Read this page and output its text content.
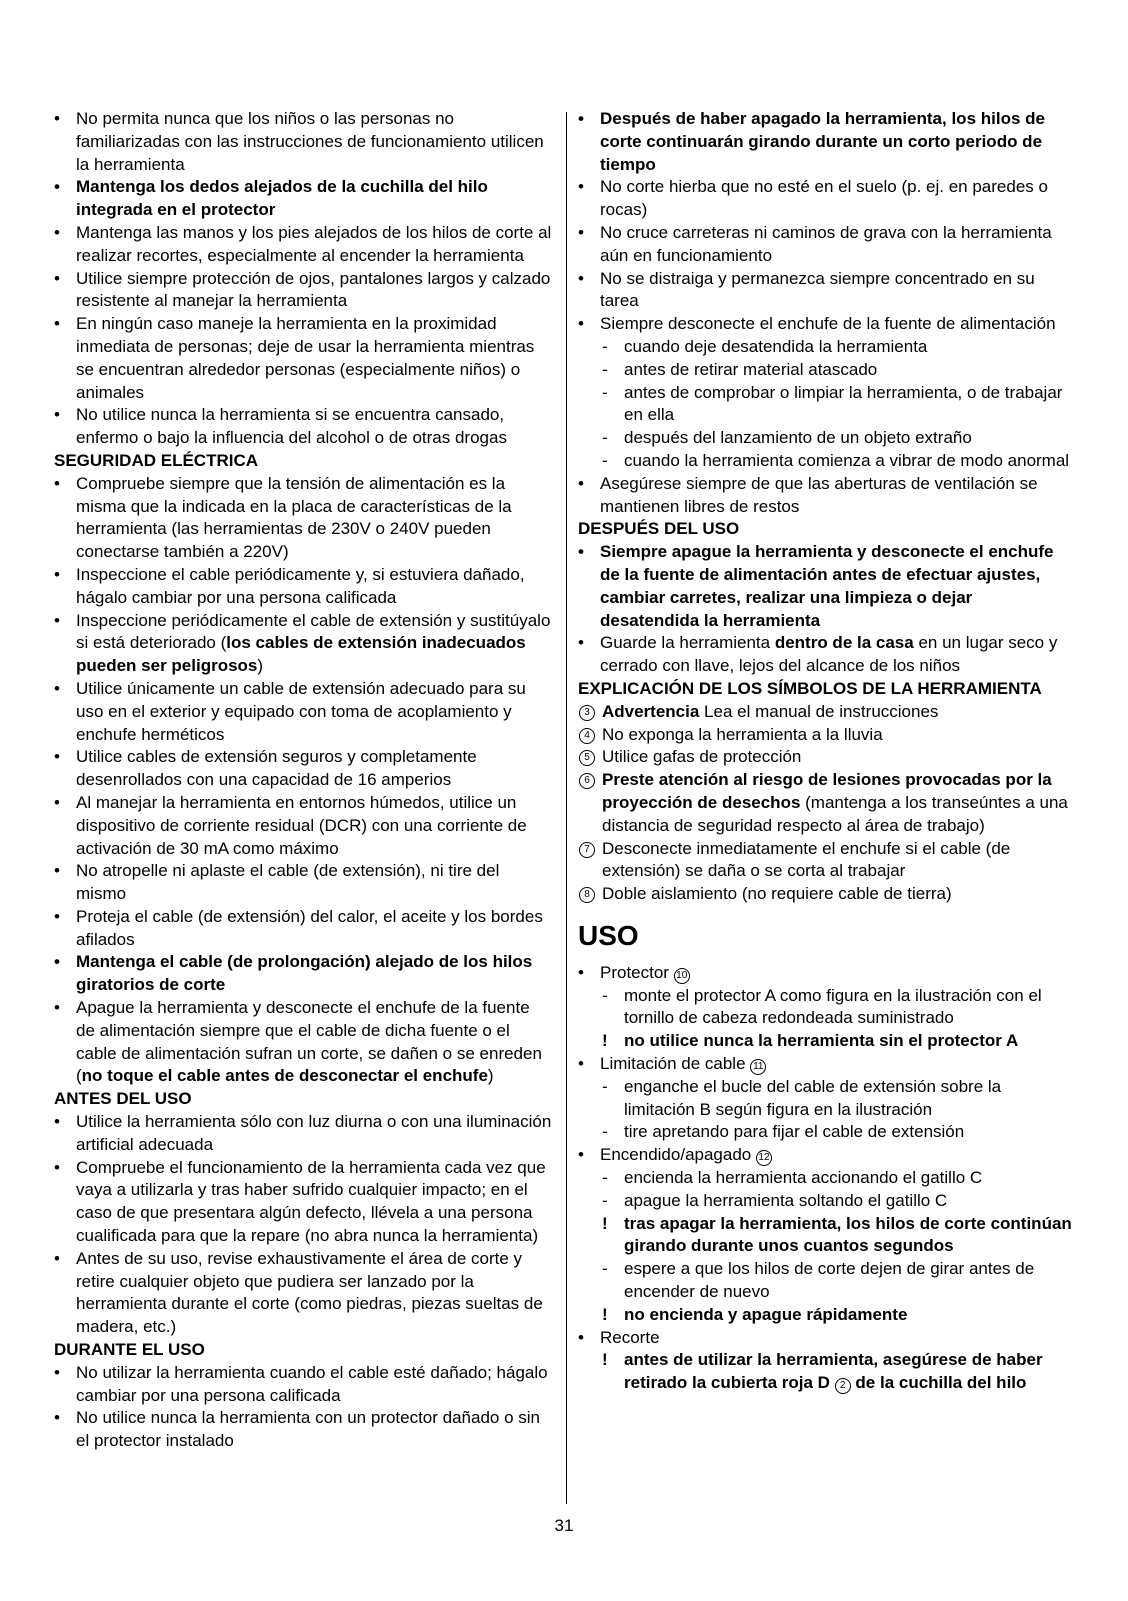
• No permita nunca que los niños o las personas no familiarizadas con las instrucciones de funcionamiento utilicen la herramienta
• Mantenga los dedos alejados de la cuchilla del hilo integrada en el protector
• Mantenga las manos y los pies alejados de los hilos de corte al realizar recortes, especialmente al encender la herramienta
• Utilice siempre protección de ojos, pantalones largos y calzado resistente al manejar la herramienta
• En ningún caso maneje la herramienta en la proximidad inmediata de personas; deje de usar la herramienta mientras se encuentran alrededor personas (especialmente niños) o animales
• No utilice nunca la herramienta si se encuentra cansado, enfermo o bajo la influencia del alcohol o de otras drogas
SEGURIDAD ELÉCTRICA
• Compruebe siempre que la tensión de alimentación es la misma que la indicada en la placa de características de la herramienta (las herramientas de 230V o 240V pueden conectarse también a 220V)
• Inspeccione el cable periódicamente y, si estuviera dañado, hágalo cambiar por una persona calificada
• Inspeccione periódicamente el cable de extensión y sustitúyalo si está deteriorado (los cables de extensión inadecuados pueden ser peligrosos)
• Utilice únicamente un cable de extensión adecuado para su uso en el exterior y equipado con toma de acoplamiento y enchufe herméticos
• Utilice cables de extensión seguros y completamente desenrollados con una capacidad de 16 amperios
• Al manejar la herramienta en entornos húmedos, utilice un dispositivo de corriente residual (DCR) con una corriente de activación de 30 mA como máximo
• No atropelle ni aplaste el cable (de extensión), ni tire del mismo
• Proteja el cable (de extensión) del calor, el aceite y los bordes afilados
• Mantenga el cable (de prolongación) alejado de los hilos giratorios de corte
• Apague la herramienta y desconecte el enchufe de la fuente de alimentación siempre que el cable de dicha fuente o el cable de alimentación sufran un corte, se dañen o se enreden (no toque el cable antes de desconectar el enchufe)
ANTES DEL USO
• Utilice la herramienta sólo con luz diurna o con una iluminación artificial adecuada
• Compruebe el funcionamiento de la herramienta cada vez que vaya a utilizarla y tras haber sufrido cualquier impacto; en el caso de que presentara algún defecto, llévela a una persona cualificada para que la repare (no abra nunca la herramienta)
• Antes de su uso, revise exhaustivamente el área de corte y retire cualquier objeto que pudiera ser lanzado por la herramienta durante el corte (como piedras, piezas sueltas de madera, etc.)
DURANTE EL USO
• No utilizar la herramienta cuando el cable esté dañado; hágalo cambiar por una persona calificada
• No utilice nunca la herramienta con un protector dañado o sin el protector instalado
• Después de haber apagado la herramienta, los hilos de corte continuarán girando durante un corto periodo de tiempo
• No corte hierba que no esté en el suelo (p. ej. en paredes o rocas)
• No cruce carreteras ni caminos de grava con la herramienta aún en funcionamiento
• No se distraiga y permanezca siempre concentrado en su tarea
• Siempre desconecte el enchufe de la fuente de alimentación
- cuando deje desatendida la herramienta
- antes de retirar material atascado
- antes de comprobar o limpiar la herramienta, o de trabajar en ella
- después del lanzamiento de un objeto extraño
- cuando la herramienta comienza a vibrar de modo anormal
• Asegúrese siempre de que las aberturas de ventilación se mantienen libres de restos
DESPUÉS DEL USO
• Siempre apague la herramienta y desconecte el enchufe de la fuente de alimentación antes de efectuar ajustes, cambiar carretes, realizar una limpieza o dejar desatendida la herramienta
• Guarde la herramienta dentro de la casa en un lugar seco y cerrado con llave, lejos del alcance de los niños
EXPLICACIÓN DE LOS SÍMBOLOS DE LA HERRAMIENTA
3 Advertencia Lea el manual de instrucciones
4 No exponga la herramienta a la lluvia
5 Utilice gafas de protección
6 Preste atención al riesgo de lesiones provocadas por la proyección de desechos (mantenga a los transeúntes a una distancia de seguridad respecto al área de trabajo)
7 Desconecte inmediatamente el enchufe si el cable (de extensión) se daña o se corta al trabajar
8 Doble aislamiento (no requiere cable de tierra)
USO
• Protector 10
- monte el protector A como figura en la ilustración con el tornillo de cabeza redondeada suministrado
! no utilice nunca la herramienta sin el protector A
• Limitación de cable 11
- enganche el bucle del cable de extensión sobre la limitación B según figura en la ilustración
- tire apretando para fijar el cable de extensión
• Encendido/apagado 12
- encienda la herramienta accionando el gatillo C
- apague la herramienta soltando el gatillo C
! tras apagar la herramienta, los hilos de corte continúan girando durante unos cuantos segundos
- espere a que los hilos de corte dejen de girar antes de encender de nuevo
! no encienda y apague rápidamente
• Recorte
! antes de utilizar la herramienta, asegúrese de haber retirado la cubierta roja D 2 de la cuchilla del hilo
31
